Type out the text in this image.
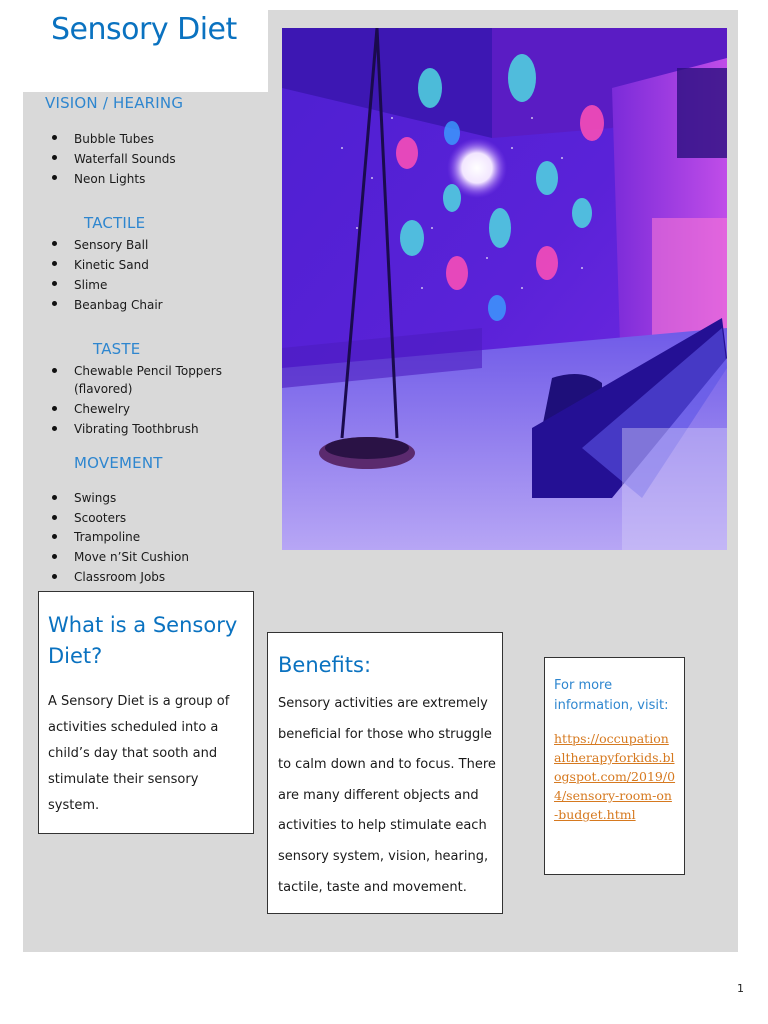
Sensory Diet
VISION / HEARING
Bubble Tubes
Waterfall Sounds
Neon Lights
TACTILE
Sensory Ball
Kinetic Sand
Slime
Beanbag Chair
TASTE
Chewable Pencil Toppers (flavored)
Chewelry
Vibrating Toothbrush
MOVEMENT
Swings
Scooters
Trampoline
Move n’Sit Cushion
Classroom Jobs
What is a Sensory Diet?

A Sensory Diet is a group of activities scheduled into a child’s day that sooth and stimulate their sensory system.

Benefits:

Sensory activities are extremely beneficial for those who struggle to calm down and to focus. There are many different objects and activities to help stimulate each sensory system, vision, hearing, tactile, taste and movement.

For more information, visit:

https://occupationaltherapyforkids.blogspot.com/2019/04/sensory-room-on-budget.html

1
